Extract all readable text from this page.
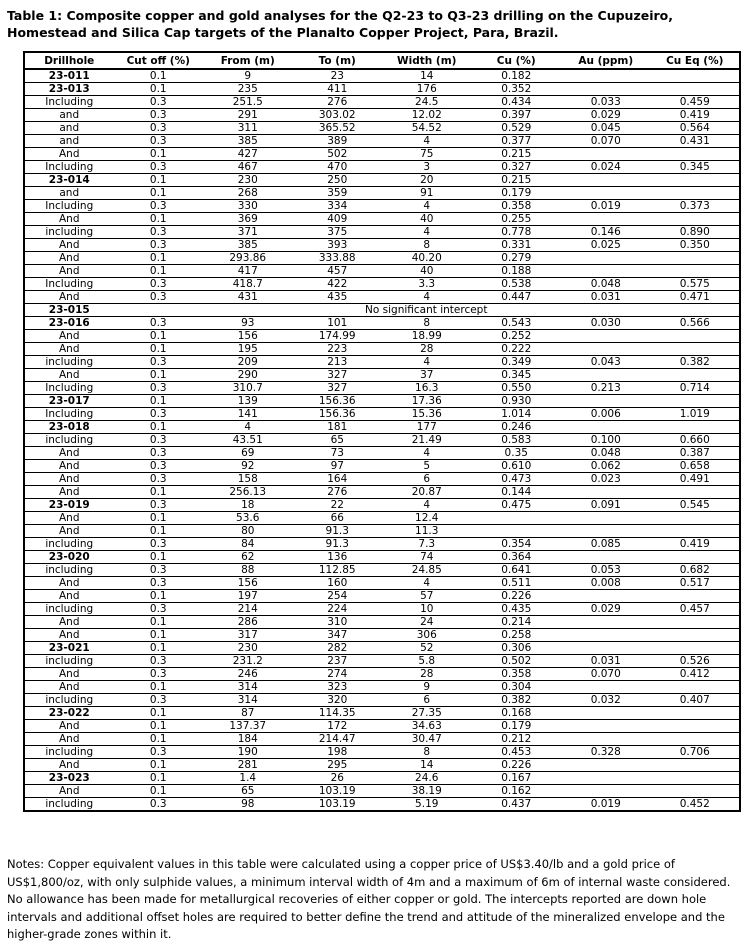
Table 1: Composite copper and gold analyses for the Q2-23 to Q3-23 drilling on the Cupuzeiro, Homestead and Silica Cap targets of the Planalto Copper Project, Para, Brazil.
Drillhole	Cut off (%)	From (m)	To (m)	Width (m)	Cu (%)	Au (ppm)	Cu Eq (%)
23-011	0.1	9	23	14	0.182		
23-013	0.1	235	411	176	0.352		
Including	0.3	251.5	276	24.5	0.434	0.033	0.459
and	0.3	291	303.02	12.02	0.397	0.029	0.419
and	0.3	311	365.52	54.52	0.529	0.045	0.564
and	0.3	385	389	4	0.377	0.070	0.431
And	0.1	427	502	75	0.215		
Including	0.3	467	470	3	0.327	0.024	0.345
23-014	0.1	230	250	20	0.215		
and	0.1	268	359	91	0.179		
Including	0.3	330	334	4	0.358	0.019	0.373
And	0.1	369	409	40	0.255		
including	0.3	371	375	4	0.778	0.146	0.890
And	0.3	385	393	8	0.331	0.025	0.350
And	0.1	293.86	333.88	40.20	0.279		
And	0.1	417	457	40	0.188		
Including	0.3	418.7	422	3.3	0.538	0.048	0.575
And	0.3	431	435	4	0.447	0.031	0.471
23-015	No significant intercept						
23-016	0.3	93	101	8	0.543	0.030	0.566
And	0.1	156	174.99	18.99	0.252		
And	0.1	195	223	28	0.222		
including	0.3	209	213	4	0.349	0.043	0.382
And	0.1	290	327	37	0.345		
Including	0.3	310.7	327	16.3	0.550	0.213	0.714
23-017	0.1	139	156.36	17.36	0.930		
Including	0.3	141	156.36	15.36	1.014	0.006	1.019
23-018	0.1	4	181	177	0.246		
including	0.3	43.51	65	21.49	0.583	0.100	0.660
And	0.3	69	73	4	0.35	0.048	0.387
And	0.3	92	97	5	0.610	0.062	0.658
And	0.3	158	164	6	0.473	0.023	0.491
And	0.1	256.13	276	20.87	0.144		
23-019	0.3	18	22	4	0.475	0.091	0.545
And	0.1	53.6	66	12.4			
And	0.1	80	91.3	11.3			
including	0.3	84	91.3	7.3	0.354	0.085	0.419
23-020	0.1	62	136	74	0.364		
including	0.3	88	112.85	24.85	0.641	0.053	0.682
And	0.3	156	160	4	0.511	0.008	0.517
And	0.1	197	254	57	0.226		
including	0.3	214	224	10	0.435	0.029	0.457
And	0.1	286	310	24	0.214		
And	0.1	317	347	306	0.258		
23-021	0.1	230	282	52	0.306		
including	0.3	231.2	237	5.8	0.502	0.031	0.526
And	0.3	246	274	28	0.358	0.070	0.412
And	0.1	314	323	9	0.304		
including	0.3	314	320	6	0.382	0.032	0.407
23-022	0.1	87	114.35	27.35	0.168		
And	0.1	137.37	172	34.63	0.179		
And	0.1	184	214.47	30.47	0.212		
including	0.3	190	198	8	0.453	0.328	0.706
And	0.1	281	295	14	0.226		
23-023	0.1	1.4	26	24.6	0.167		
And	0.1	65	103.19	38.19	0.162		
including	0.3	98	103.19	5.19	0.437	0.019	0.452
Notes: Copper equivalent values in this table were calculated using a copper price of US$3.40/lb and a gold price of US$1,800/oz, with only sulphide values, a minimum interval width of 4m and a maximum of 6m of internal waste considered. No allowance has been made for metallurgical recoveries of either copper or gold. The intercepts reported are down hole intervals and additional offset holes are required to better define the trend and attitude of the mineralized envelope and the higher-grade zones within it.
